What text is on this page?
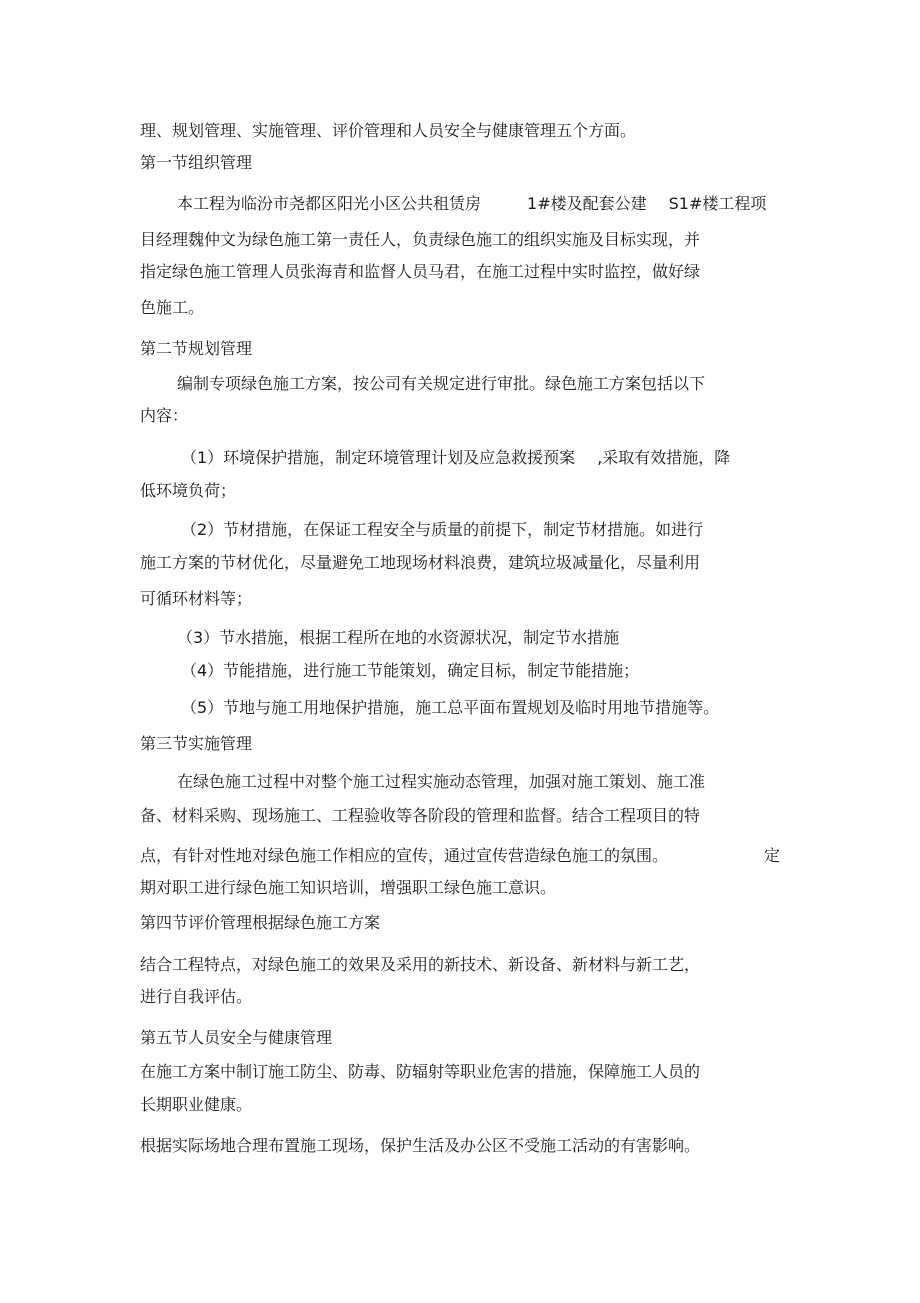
理、规划管理、实施管理、评价管理和人员安全与健康管理五个方面。
第一节组织管理
本工程为临汾市尧都区阳光小区公共租赁房	1#楼及配套公建 S1#楼工程项
目经理魏仲文为绿色施工第一责任人，负责绿色施工的组织实施及目标实现，并
指定绿色施工管理人员张海青和监督人员马君，在施工过程中实时监控，做好绿
色施工。
第二节规划管理
编制专项绿色施工方案，按公司有关规定进行审批。绿色施工方案包括以下
内容：
（1）环境保护措施，制定环境管理计划及应急救援预案 ,采取有效措施，降
低环境负荷；
（2）节材措施，在保证工程安全与质量的前提下，制定节材措施。如进行
施工方案的节材优化，尽量避免工地现场材料浪费，建筑垃圾减量化，尽量利用
可循环材料等；
（3）节水措施，根据工程所在地的水资源状况，制定节水措施
（4）节能措施，进行施工节能策划，确定目标，制定节能措施；
（5）节地与施工用地保护措施，施工总平面布置规划及临时用地节措施等。
第三节实施管理
在绿色施工过程中对整个施工过程实施动态管理，加强对施工策划、施工准
备、材料采购、现场施工、工程验收等各阶段的管理和监督。结合工程项目的特
点，有针对性地对绿色施工作相应的宣传，通过宣传营造绿色施工的氛围。	定
期对职工进行绿色施工知识培训，增强职工绿色施工意识。
第四节评价管理根据绿色施工方案
结合工程特点，对绿色施工的效果及采用的新技术、新设备、新材料与新工艺，
进行自我评估。
第五节人员安全与健康管理
在施工方案中制订施工防尘、防毒、防辐射等职业危害的措施，保障施工人员的
长期职业健康。
根据实际场地合理布置施工现场，保护生活及办公区不受施工活动的有害影响。
